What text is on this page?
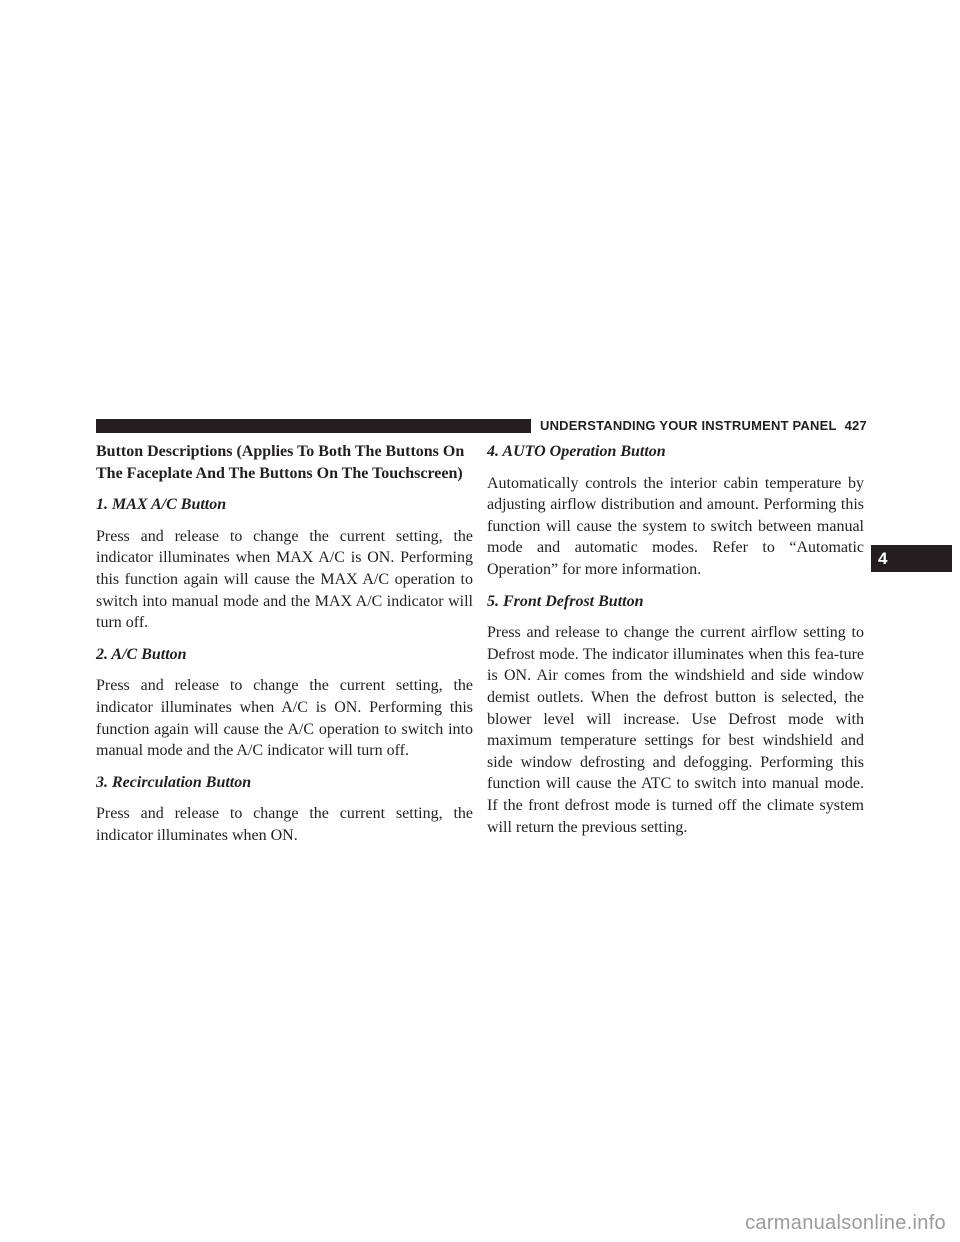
UNDERSTANDING YOUR INSTRUMENT PANEL 427

Button Descriptions (Applies To Both The Buttons On The Faceplate And The Buttons On The Touchscreen)

1. MAX A/C Button

Press and release to change the current setting, the indicator illuminates when MAX A/C is ON. Performing this function again will cause the MAX A/C operation to switch into manual mode and the MAX A/C indicator will turn off.

2. A/C Button

Press and release to change the current setting, the indicator illuminates when A/C is ON. Performing this function again will cause the A/C operation to switch into manual mode and the A/C indicator will turn off.

3. Recirculation Button

Press and release to change the current setting, the indicator illuminates when ON.

4. AUTO Operation Button

Automatically controls the interior cabin temperature by adjusting airflow distribution and amount. Performing this function will cause the system to switch between manual mode and automatic modes. Refer to “Automatic Operation” for more information.

5. Front Defrost Button

Press and release to change the current airflow setting to Defrost mode. The indicator illuminates when this fea-ture is ON. Air comes from the windshield and side window demist outlets. When the defrost button is selected, the blower level will increase. Use Defrost mode with maximum temperature settings for best windshield and side window defrosting and defogging. Performing this function will cause the ATC to switch into manual mode. If the front defrost mode is turned off the climate system will return the previous setting.

4
carmanualsonline.info
